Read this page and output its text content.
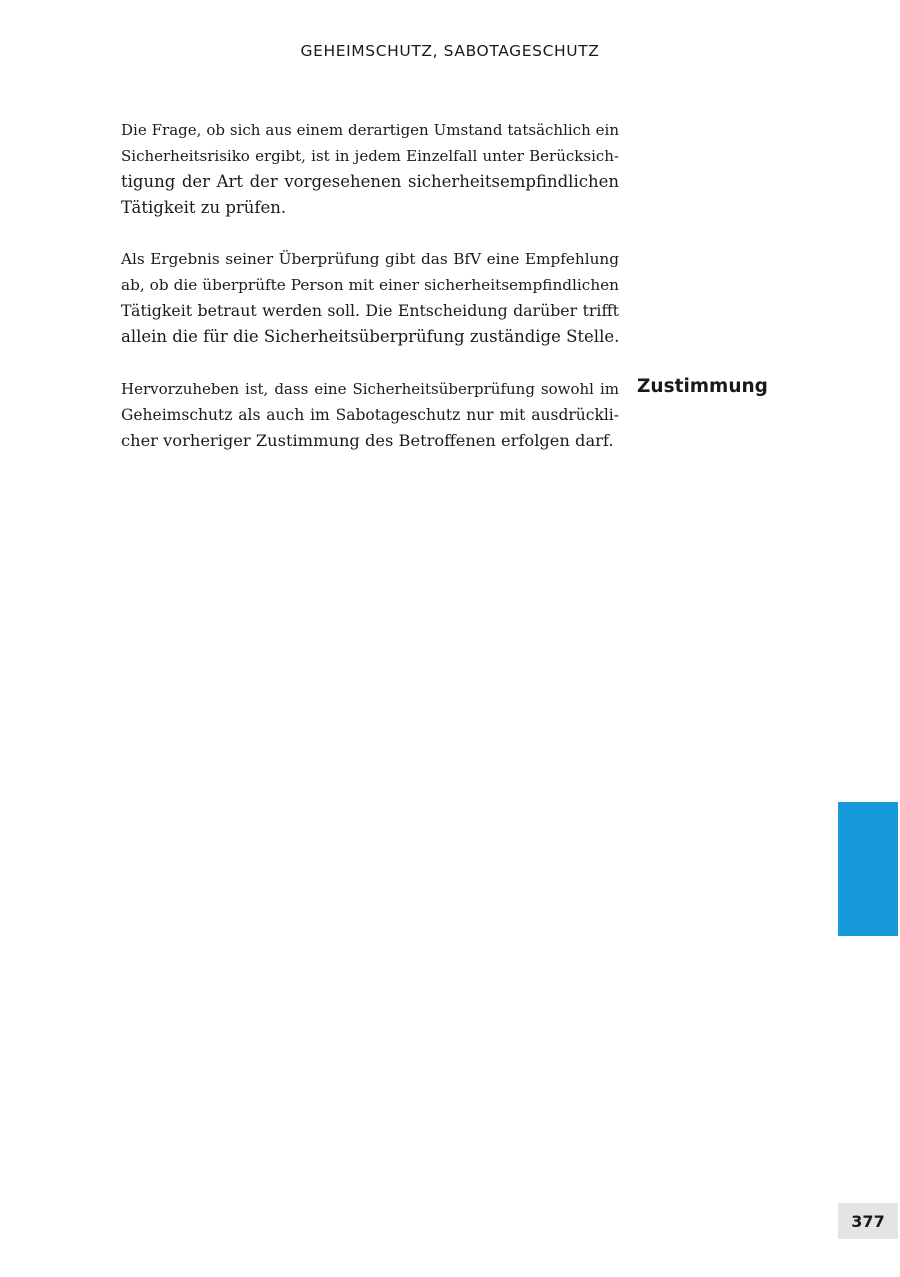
GEHEIMSCHUTZ, SABOTAGESCHUTZ
Die Frage, ob sich aus einem derartigen Umstand tatsächlich ein
Sicherheitsrisiko ergibt, ist in jedem Einzelfall unter Berücksich-
tigung der Art der vorgesehenen sicherheitsempfindlichen
Tätigkeit zu prüfen.
Als Ergebnis seiner Überprüfung gibt das BfV eine Empfehlung
ab, ob die überprüfte Person mit einer sicherheitsempfindlichen
Tätigkeit betraut werden soll. Die Entscheidung darüber trifft
allein die für die Sicherheitsüberprüfung zuständige Stelle.
Hervorzuheben ist, dass eine Sicherheitsüberprüfung sowohl im
Geheimschutz als auch im Sabotageschutz nur mit ausdrückli-
cher vorheriger Zustimmung des Betroffenen erfolgen darf.
Zustimmung
377
